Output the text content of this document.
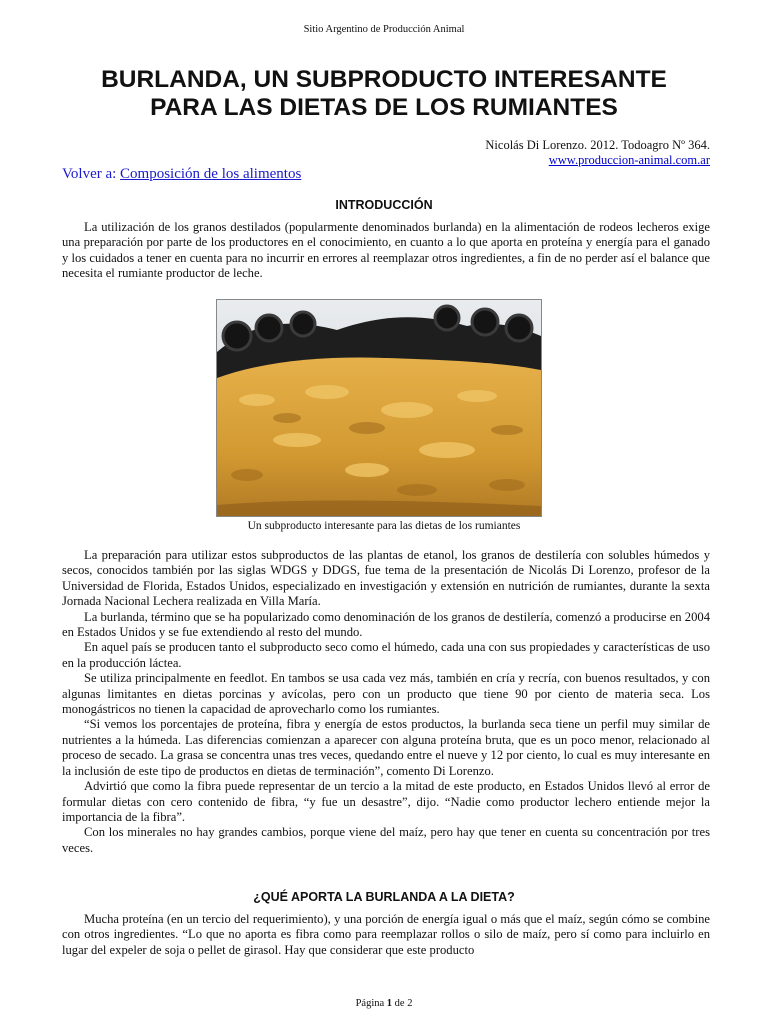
Sitio Argentino de Producción Animal
BURLANDA, UN SUBPRODUCTO INTERESANTE
PARA LAS DIETAS DE LOS RUMIANTES
Nicolás Di Lorenzo. 2012. Todoagro Nº 364.
www.produccion-animal.com.ar
Volver a: Composición de los alimentos
INTRODUCCIÓN

La utilización de los granos destilados (popularmente denominados burlanda) en la alimentación de rodeos lecheros exige una preparación por parte de los productores en el conocimiento, en cuanto a lo que aporta en proteína y energía para el ganado y los cuidados a tener en cuenta para no incurrir en errores al reemplazar otros ingredientes, a fin de no perder así el balance que necesita el rumiante productor de leche.

Un subproducto interesante para las dietas de los rumiantes

La preparación para utilizar estos subproductos de las plantas de etanol, los granos de destilería con solubles húmedos y secos, conocidos también por las siglas WDGS y DDGS, fue tema de la presentación de Nicolás Di Lorenzo, profesor de la Universidad de Florida, Estados Unidos, especializado en investigación y extensión en nutrición de rumiantes, durante la sexta Jornada Nacional Lechera realizada en Villa María.

La burlanda, término que se ha popularizado como denominación de los granos de destilería, comenzó a producirse en 2004 en Estados Unidos y se fue extendiendo al resto del mundo.

En aquel país se producen tanto el subproducto seco como el húmedo, cada una con sus propiedades y características de uso en la producción láctea.

Se utiliza principalmente en feedlot. En tambos se usa cada vez más, también en cría y recría, con buenos resultados, y con algunas limitantes en dietas porcinas y avícolas, pero con un producto que tiene 90 por ciento de materia seca. Los monogástricos no tienen la capacidad de aprovecharlo como los rumiantes.

“Si vemos los porcentajes de proteína, fibra y energía de estos productos, la burlanda seca tiene un perfil muy similar de nutrientes a la húmeda. Las diferencias comienzan a aparecer con alguna proteína bruta, que es un poco menor, relacionado al proceso de secado. La grasa se concentra unas tres veces, quedando entre el nueve y 12 por ciento, lo cual es muy interesante en la inclusión de este tipo de productos en dietas de terminación”, comento Di Lorenzo.

Advirtió que como la fibra puede representar de un tercio a la mitad de este producto, en Estados Unidos llevó al error de formular dietas con cero contenido de fibra, “y fue un desastre”, dijo. “Nadie como productor lechero entiende mejor la importancia de la fibra”.

Con los minerales no hay grandes cambios, porque viene del maíz, pero hay que tener en cuenta su concentración por tres veces.

¿QUÉ APORTA LA BURLANDA A LA DIETA?

Mucha proteína (en un tercio del requerimiento), y una porción de energía igual o más que el maíz, según cómo se combine con otros ingredientes. “Lo que no aporta es fibra como para reemplazar rollos o silo de maíz, pero sí como para incluirlo en lugar del expeler de soja o pellet de girasol. Hay que considerar que este producto

Página 1 de 2
